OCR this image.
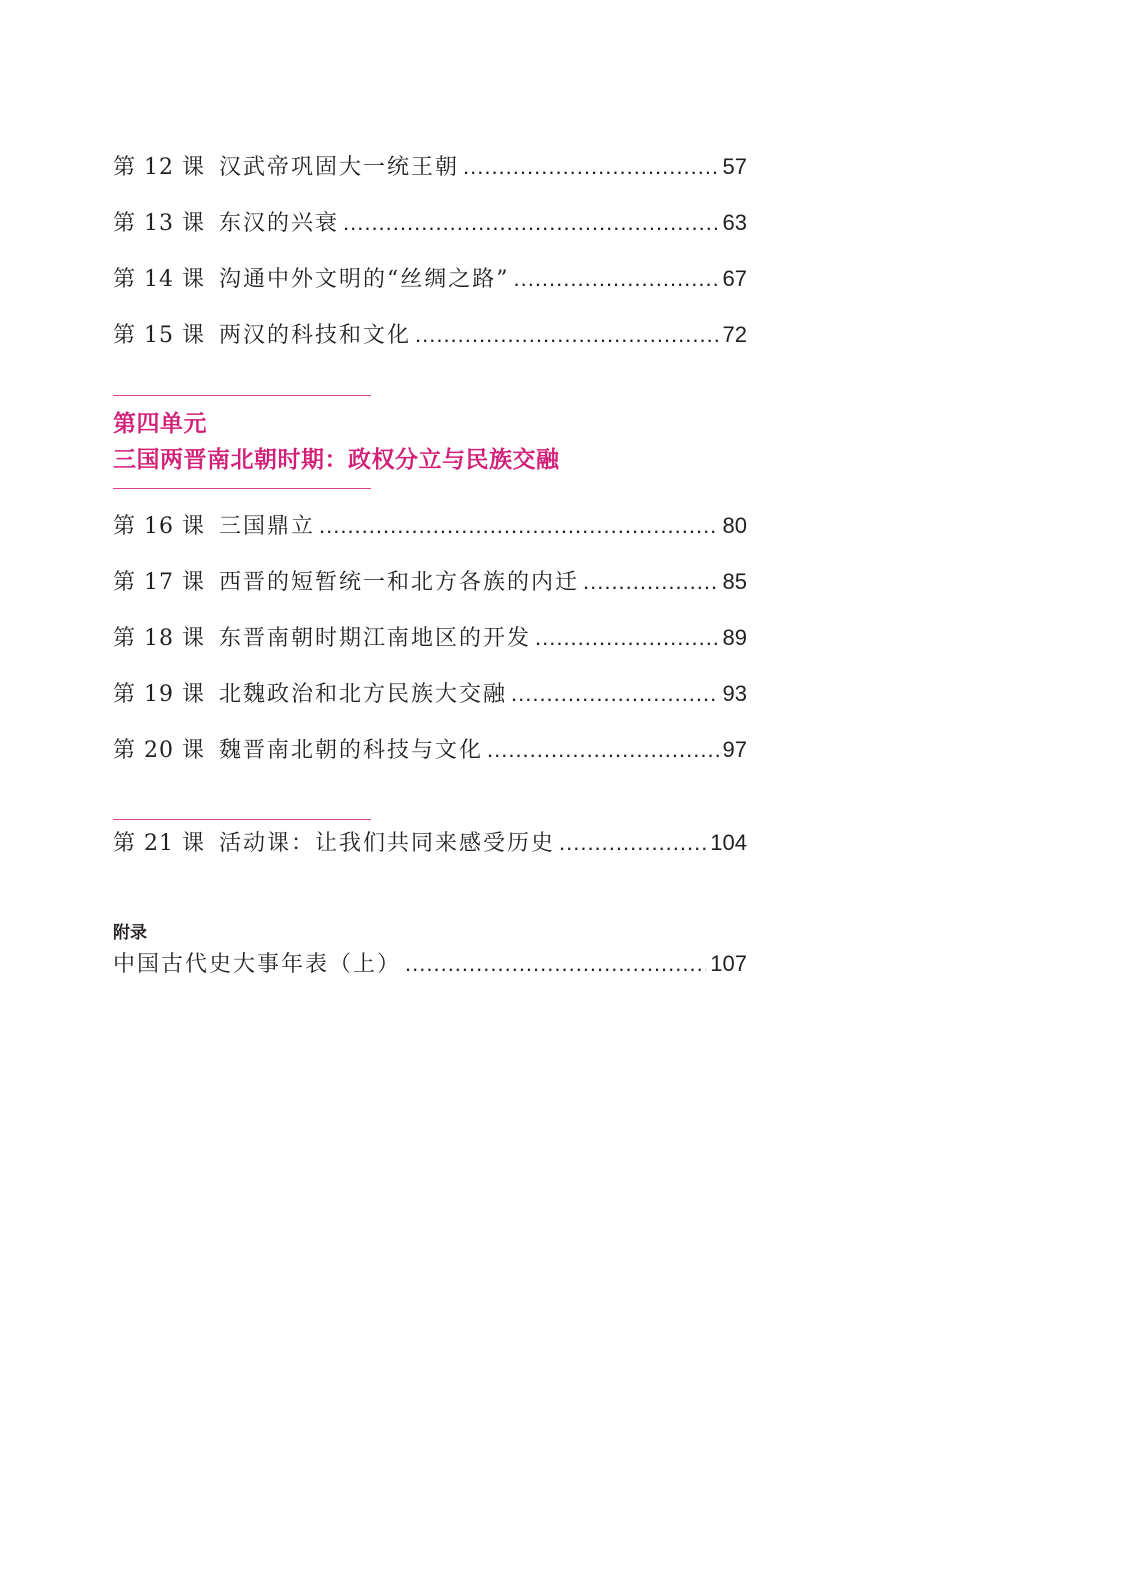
第 12 课 汉武帝巩固大一统王朝 .....	57
第 13 课 东汉的兴衰 .....	63
第 14 课 沟通中外文明的“丝绸之路” .....	67
第 15 课 两汉的科技和文化 .....	72
第四单元
三国两晋南北朝时期：政权分立与民族交融
第 16 课 三国鼎立 .....	80
第 17 课 西晋的短暂统一和北方各族的内迁 .....	85
第 18 课 东晋南朝时期江南地区的开发 .....	89
第 19 课 北魏政治和北方民族大交融 .....	93
第 20 课 魏晋南北朝的科技与文化 .....	97
第 21 课 活动课：让我们共同来感受历史 .....	104
附录
中国古代史大事年表（上） .....	107
